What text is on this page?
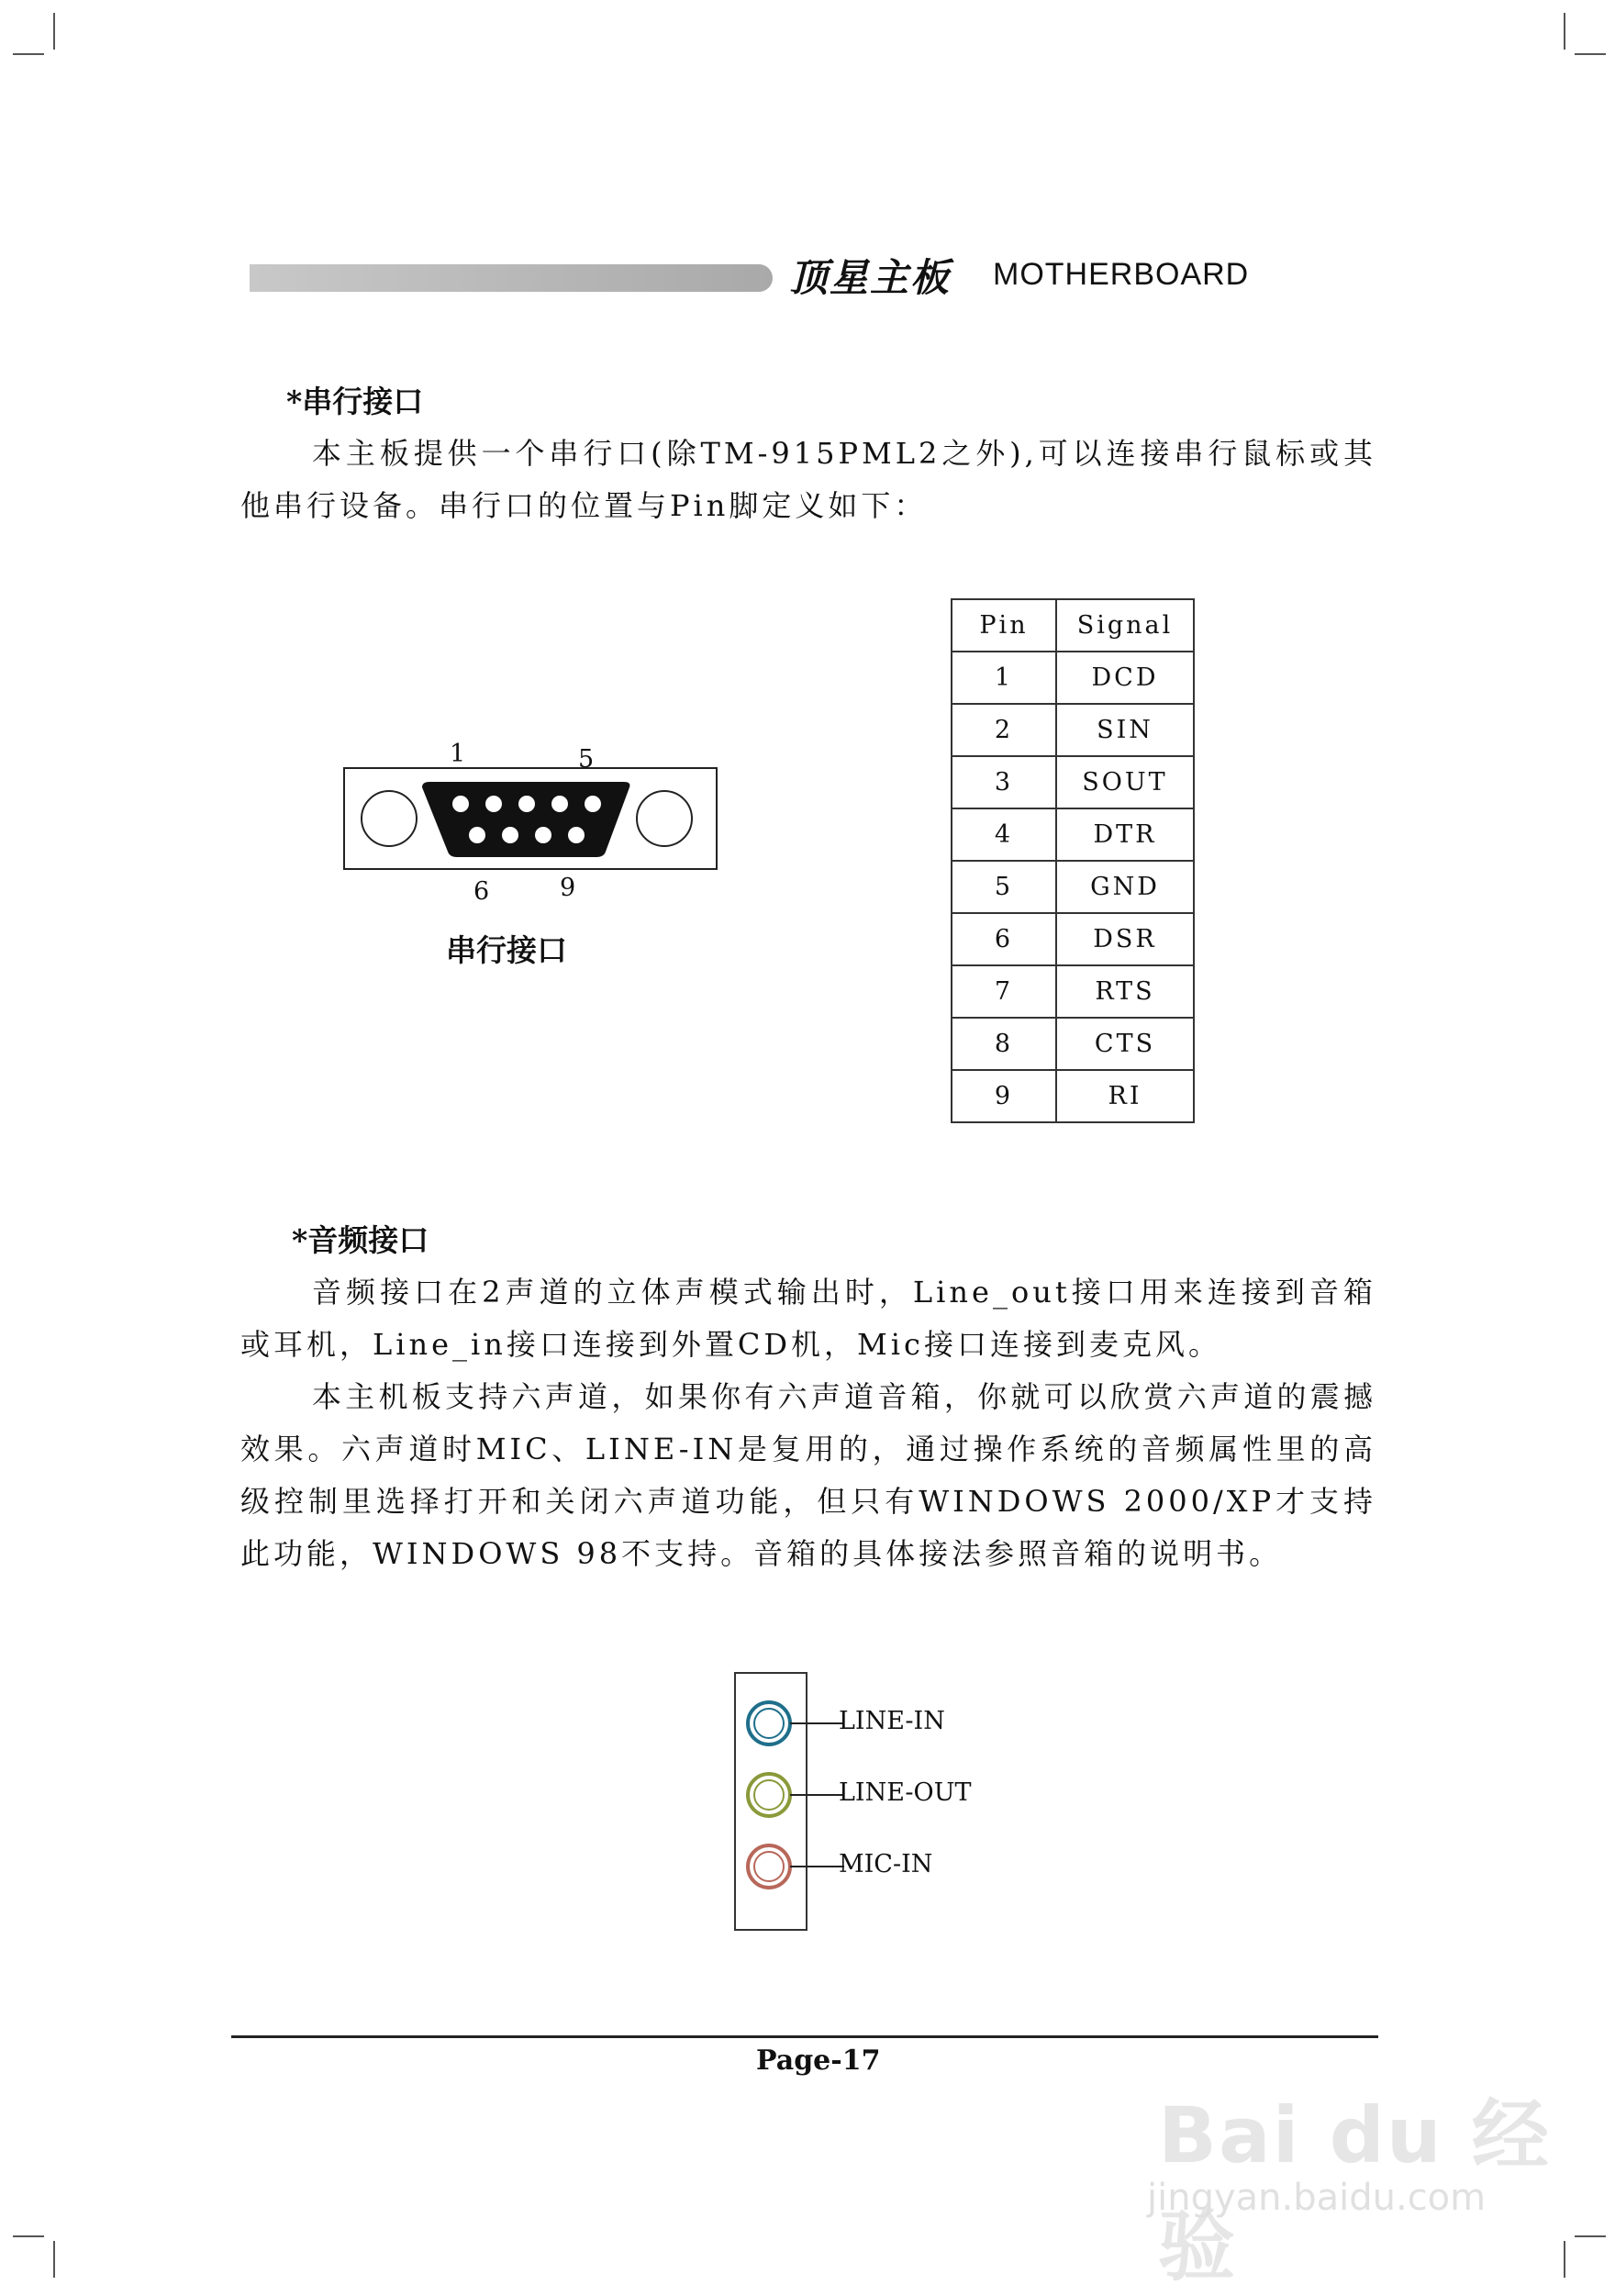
顶星主板 MOTHERBOARD
*串行接口
本主板提供一个串行口(除TM-915PML2之外),可以连接串行鼠标或其他串行设备。串行口的位置与Pin脚定义如下：
1	5
6	9
串行接口
Pin	Signal
1	DCD
2	SIN
3	SOUT
4	DTR
5	GND
6	DSR
7	RTS
8	CTS
9	RI
*音频接口
音频接口在2声道的立体声模式输出时，Line_out接口用来连接到音箱或耳机，Line_in接口连接到外置CD机，Mic接口连接到麦克风。
本主机板支持六声道，如果你有六声道音箱，你就可以欣赏六声道的震撼效果。六声道时MIC、LINE-IN是复用的，通过操作系统的音频属性里的高级控制里选择打开和关闭六声道功能，但只有WINDOWS 2000/XP才支持此功能，WINDOWS 98不支持。音箱的具体接法参照音箱的说明书。
LINE-IN
LINE-OUT
MIC-IN
Page-17
Bai du 经验
jingyan.baidu.com
